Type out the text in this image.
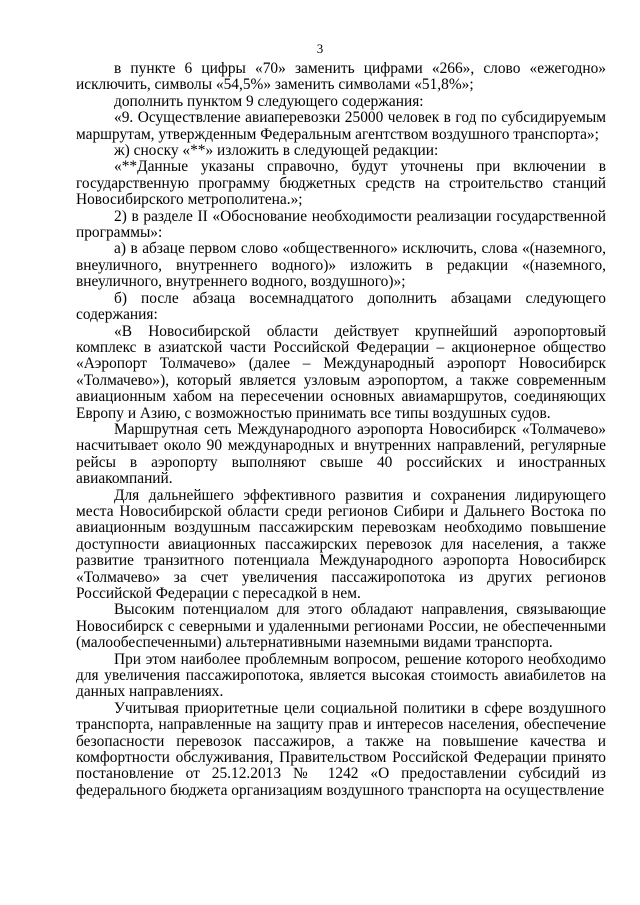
3

в пункте 6 цифры «70» заменить цифрами «266», слово «ежегодно» исключить, символы «54,5%» заменить символами «51,8%»;

дополнить пунктом 9 следующего содержания:

«9. Осуществление авиаперевозки 25000 человек в год по субсидируемым маршрутам, утвержденным Федеральным агентством воздушного транспорта»;

ж) сноску «**» изложить в следующей редакции:

«**Данные указаны справочно, будут уточнены при включении в государственную программу бюджетных средств на строительство станций Новосибирского метрополитена.»;

2) в разделе II «Обоснование необходимости реализации государственной программы»:

а) в абзаце первом слово «общественного» исключить, слова «(наземного, внеуличного, внутреннего водного)» изложить в редакции «(наземного, внеуличного, внутреннего водного, воздушного)»;

б) после абзаца восемнадцатого дополнить абзацами следующего содержания:

«В Новосибирской области действует крупнейший аэропортовый комплекс в азиатской части Российской Федерации – акционерное общество «Аэропорт Толмачево» (далее – Международный аэропорт Новосибирск «Толмачево»), который является узловым аэропортом, а также современным авиационным хабом на пересечении основных авиамаршрутов, соединяющих Европу и Азию, с возможностью принимать все типы воздушных судов.

Маршрутная сеть Международного аэропорта Новосибирск «Толмачево» насчитывает около 90 международных и внутренних направлений, регулярные рейсы в аэропорту выполняют свыше 40 российских и иностранных авиакомпаний.

Для дальнейшего эффективного развития и сохранения лидирующего места Новосибирской области среди регионов Сибири и Дальнего Востока по авиационным воздушным пассажирским перевозкам необходимо повышение доступности авиационных пассажирских перевозок для населения, а также развитие транзитного потенциала Международного аэропорта Новосибирск «Толмачево» за счет увеличения пассажиропотока из других регионов Российской Федерации с пересадкой в нем.

Высоким потенциалом для этого обладают направления, связывающие Новосибирск с северными и удаленными регионами России, не обеспеченными (малообеспеченными) альтернативными наземными видами транспорта.

При этом наиболее проблемным вопросом, решение которого необходимо для увеличения пассажиропотока, является высокая стоимость авиабилетов на данных направлениях.

Учитывая приоритетные цели социальной политики в сфере воздушного транспорта, направленные на защиту прав и интересов населения, обеспечение безопасности перевозок пассажиров, а также на повышение качества и комфортности обслуживания, Правительством Российской Федерации принято постановление от 25.12.2013 № 1242 «О предоставлении субсидий из федерального бюджета организациям воздушного транспорта на осуществление
